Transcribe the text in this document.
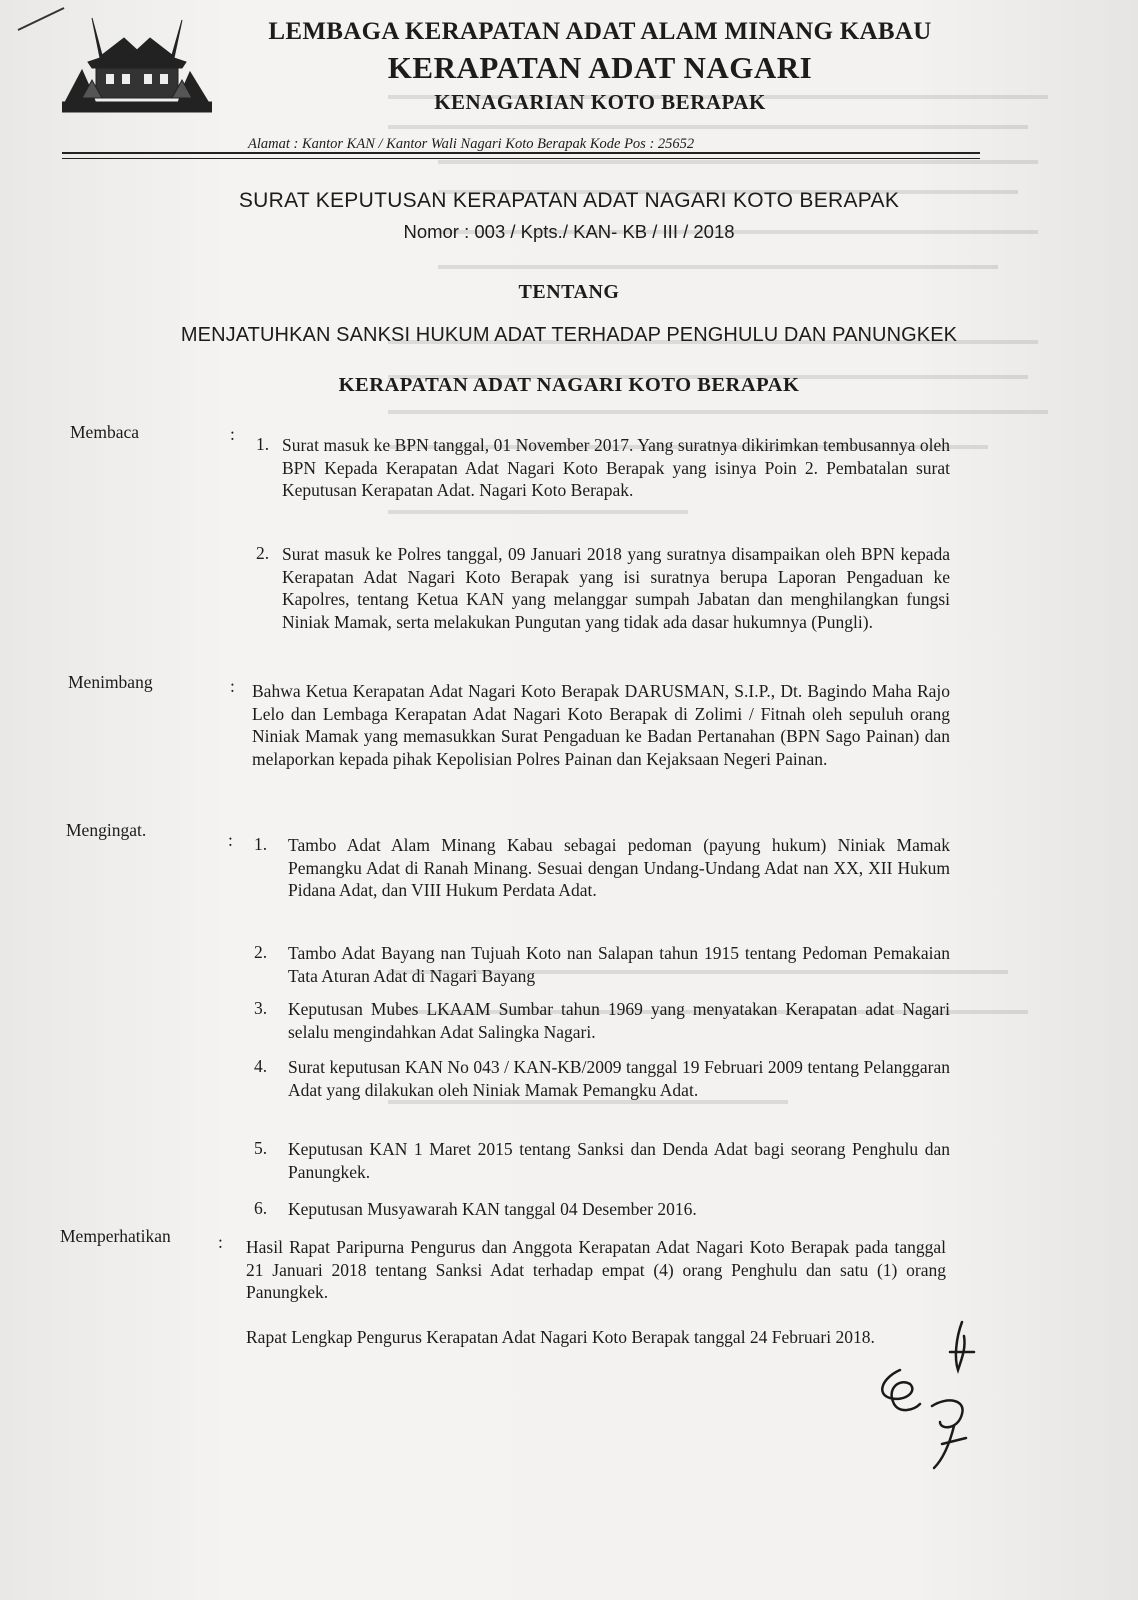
LEMBAGA KERAPATAN ADAT ALAM MINANG KABAU
KERAPATAN ADAT NAGARI
KENAGARIAN KOTO BERAPAK
Alamat : Kantor KAN / Kantor Wali Nagari Koto Berapak Kode Pos : 25652
SURAT KEPUTUSAN KERAPATAN ADAT NAGARI KOTO BERAPAK
Nomor : 003 / Kpts./ KAN- KB / III / 2018
TENTANG
MENJATUHKAN SANKSI HUKUM ADAT TERHADAP PENGHULU DAN PANUNGKEK
KERAPATAN ADAT NAGARI KOTO BERAPAK
Membaca	: 1. Surat masuk ke BPN tanggal, 01 November 2017. Yang suratnya dikirimkan tembusannya oleh BPN Kepada Kerapatan Adat Nagari Koto Berapak yang isinya Poin 2. Pembatalan surat Keputusan Kerapatan Adat. Nagari Koto Berapak.
2. Surat masuk ke Polres tanggal, 09 Januari 2018 yang suratnya disampaikan oleh BPN kepada Kerapatan Adat Nagari Koto Berapak yang isi suratnya berupa Laporan Pengaduan ke Kapolres, tentang Ketua KAN yang melanggar sumpah Jabatan dan menghilangkan fungsi Niniak Mamak, serta melakukan Pungutan yang tidak ada dasar hukumnya (Pungli).
Menimbang	: Bahwa Ketua Kerapatan Adat Nagari Koto Berapak DARUSMAN, S.I.P., Dt. Bagindo Maha Rajo Lelo dan Lembaga Kerapatan Adat Nagari Koto Berapak di Zolimi / Fitnah oleh sepuluh orang Niniak Mamak yang memasukkan Surat Pengaduan ke Badan Pertanahan (BPN Sago Painan) dan melaporkan kepada pihak Kepolisian Polres Painan dan Kejaksaan Negeri Painan.
Mengingat.	: 1. Tambo Adat Alam Minang Kabau sebagai pedoman (payung hukum) Niniak Mamak Pemangku Adat di Ranah Minang. Sesuai dengan Undang-Undang Adat nan XX, XII Hukum Pidana Adat, dan VIII Hukum Perdata Adat.
2. Tambo Adat Bayang nan Tujuah Koto nan Salapan tahun 1915 tentang Pedoman Pemakaian Tata Aturan Adat di Nagari Bayang
3. Keputusan Mubes LKAAM Sumbar tahun 1969 yang menyatakan Kerapatan adat Nagari selalu mengindahkan Adat Salingka Nagari.
4. Surat keputusan KAN No 043 / KAN-KB/2009 tanggal 19 Februari 2009 tentang Pelanggaran Adat yang dilakukan oleh Niniak Mamak Pemangku Adat.
5. Keputusan KAN 1 Maret 2015 tentang Sanksi dan Denda Adat bagi seorang Penghulu dan Panungkek.
6. Keputusan Musyawarah KAN tanggal 04 Desember 2016.
Memperhatikan	: Hasil Rapat Paripurna Pengurus dan Anggota Kerapatan Adat Nagari Koto Berapak pada tanggal 21 Januari 2018 tentang Sanksi Adat terhadap empat (4) orang Penghulu dan satu (1) orang Panungkek.
Rapat Lengkap Pengurus Kerapatan Adat Nagari Koto Berapak tanggal 24 Februari 2018.
